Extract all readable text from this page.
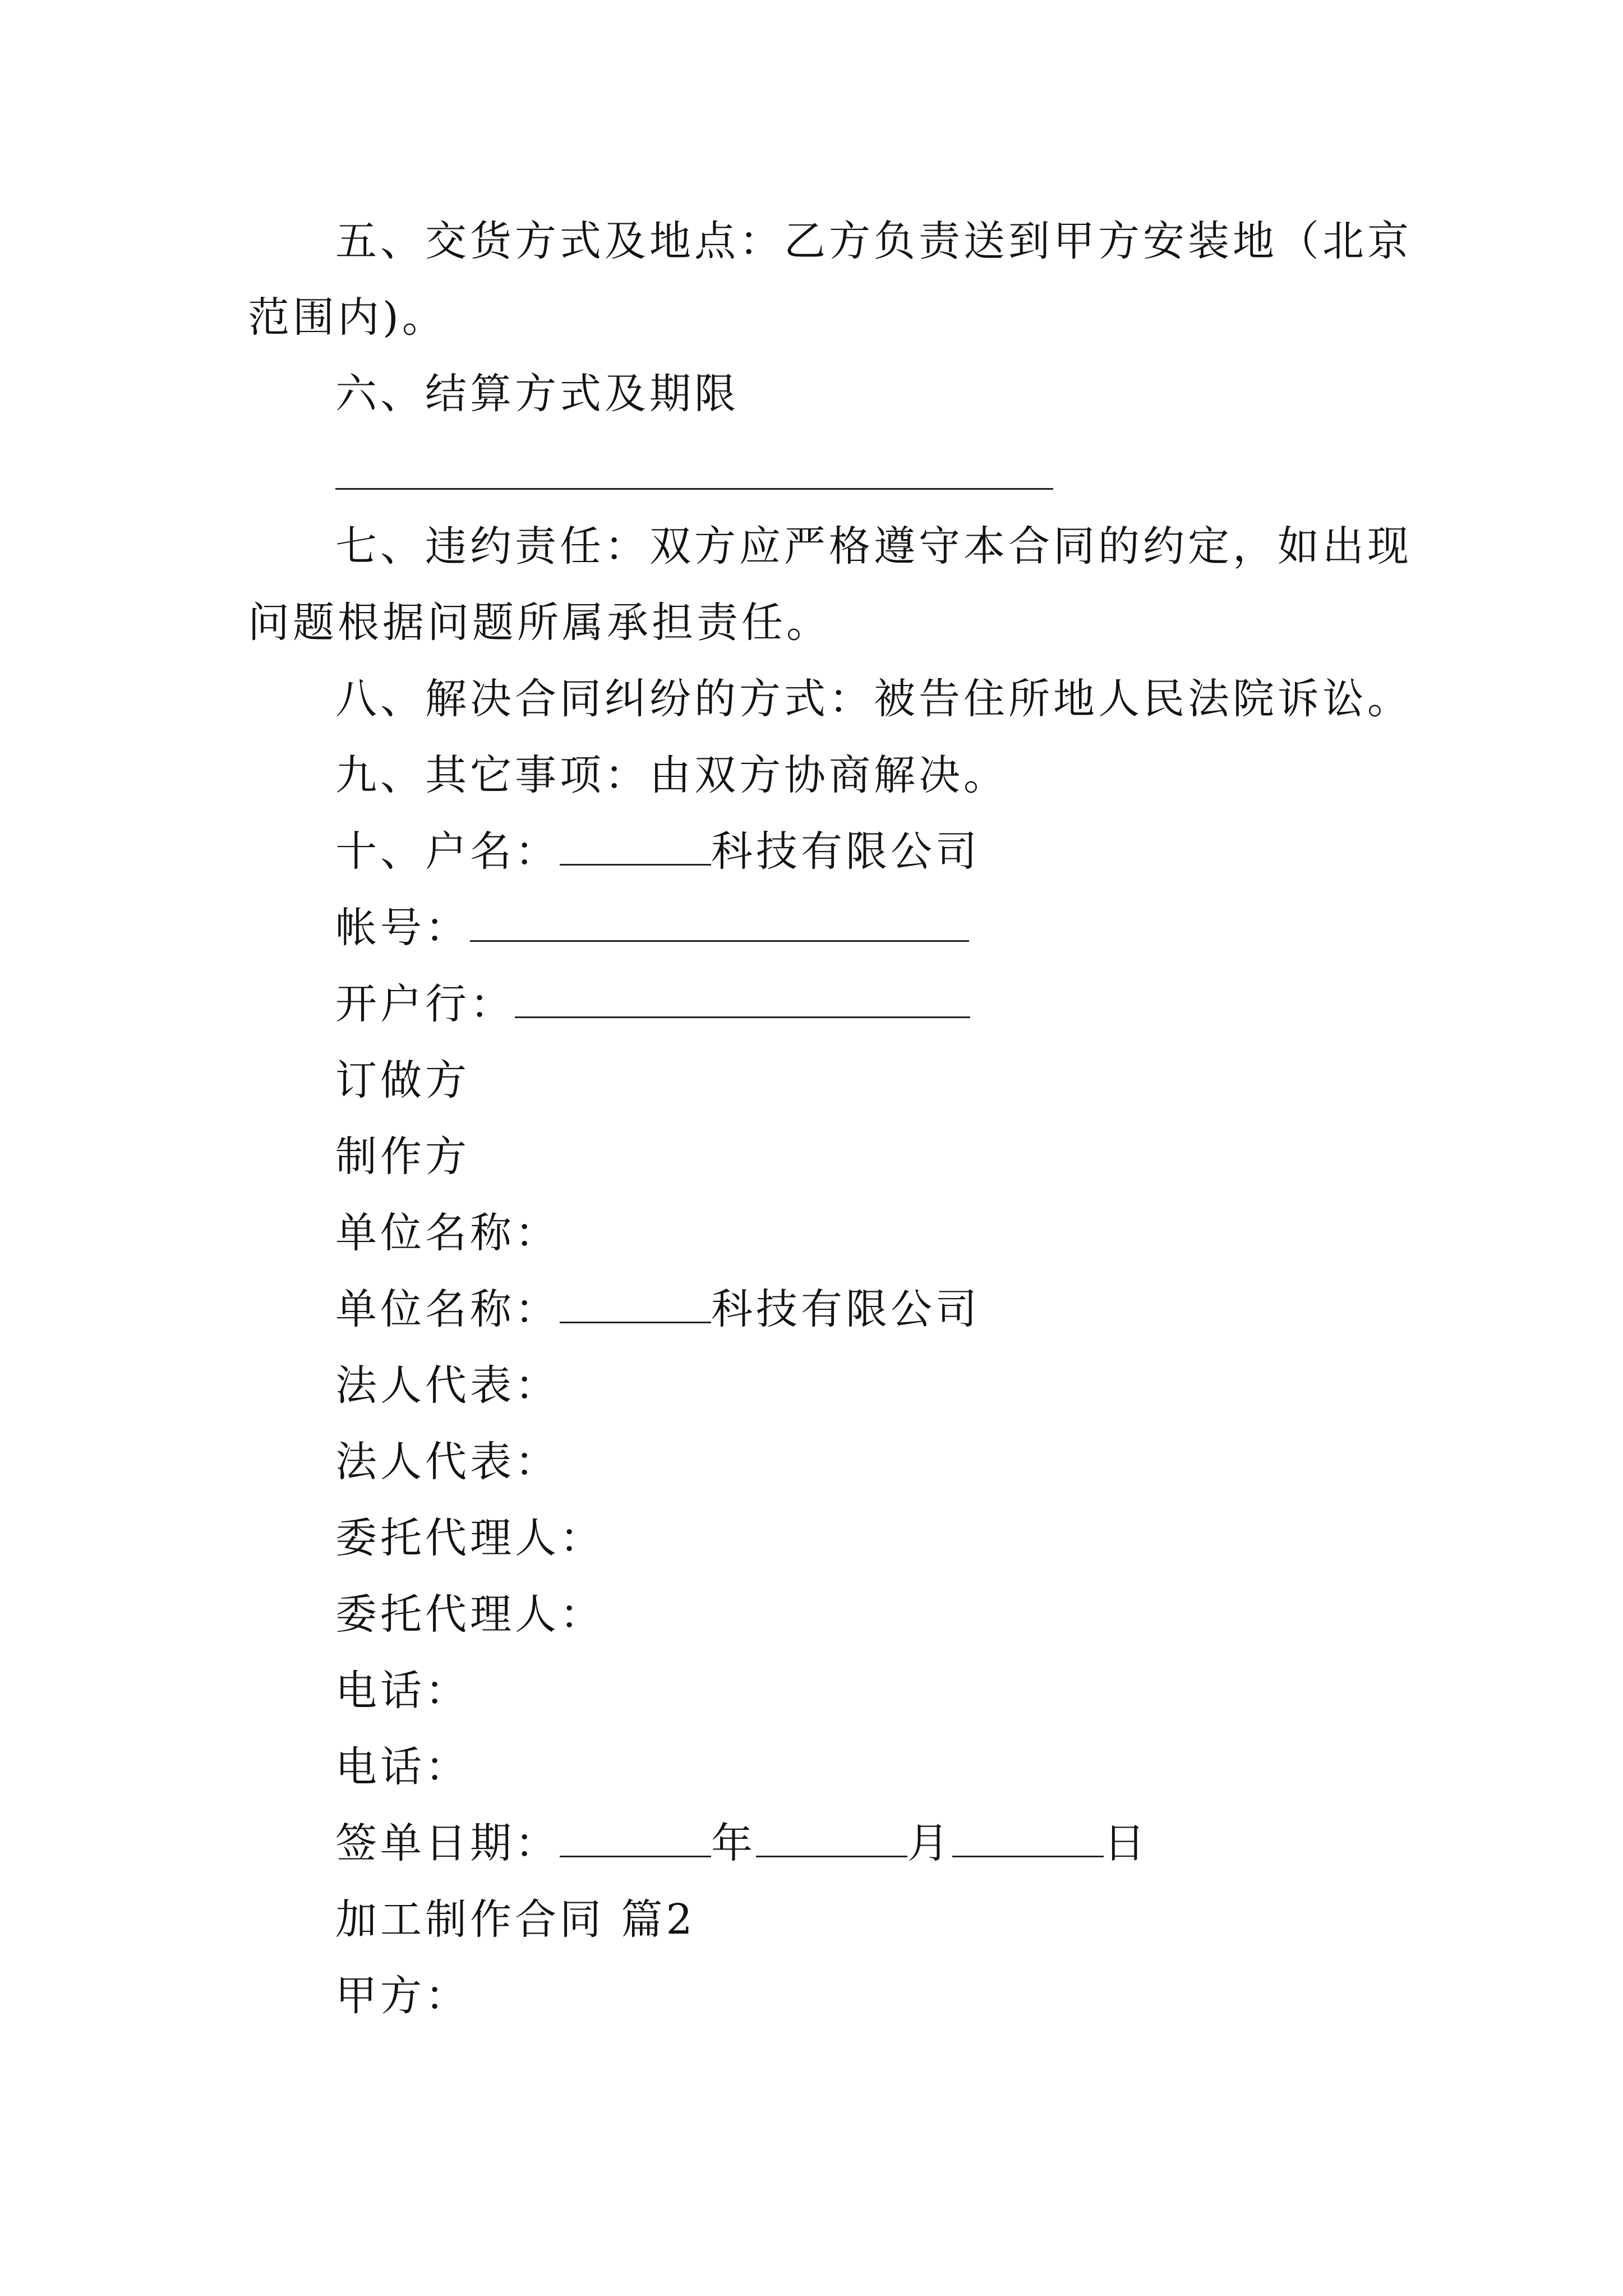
五、交货方式及地点：乙方负责送到甲方安装地（北京
范围内)。
六、结算方式及期限
七、违约责任：双方应严格遵守本合同的约定，如出现
问题根据问题所属承担责任。
八、解决合同纠纷的方式：被告住所地人民法院诉讼。
九、其它事项：由双方协商解决。
十、户名：	科技有限公司
帐号：
开户行：
订做方
制作方
单位名称：
单位名称：	科技有限公司
法人代表：
法人代表：
委托代理人：
委托代理人：
电话：
电话：
签单日期：	年	月	日
加工制作合同 篇2
甲方：
